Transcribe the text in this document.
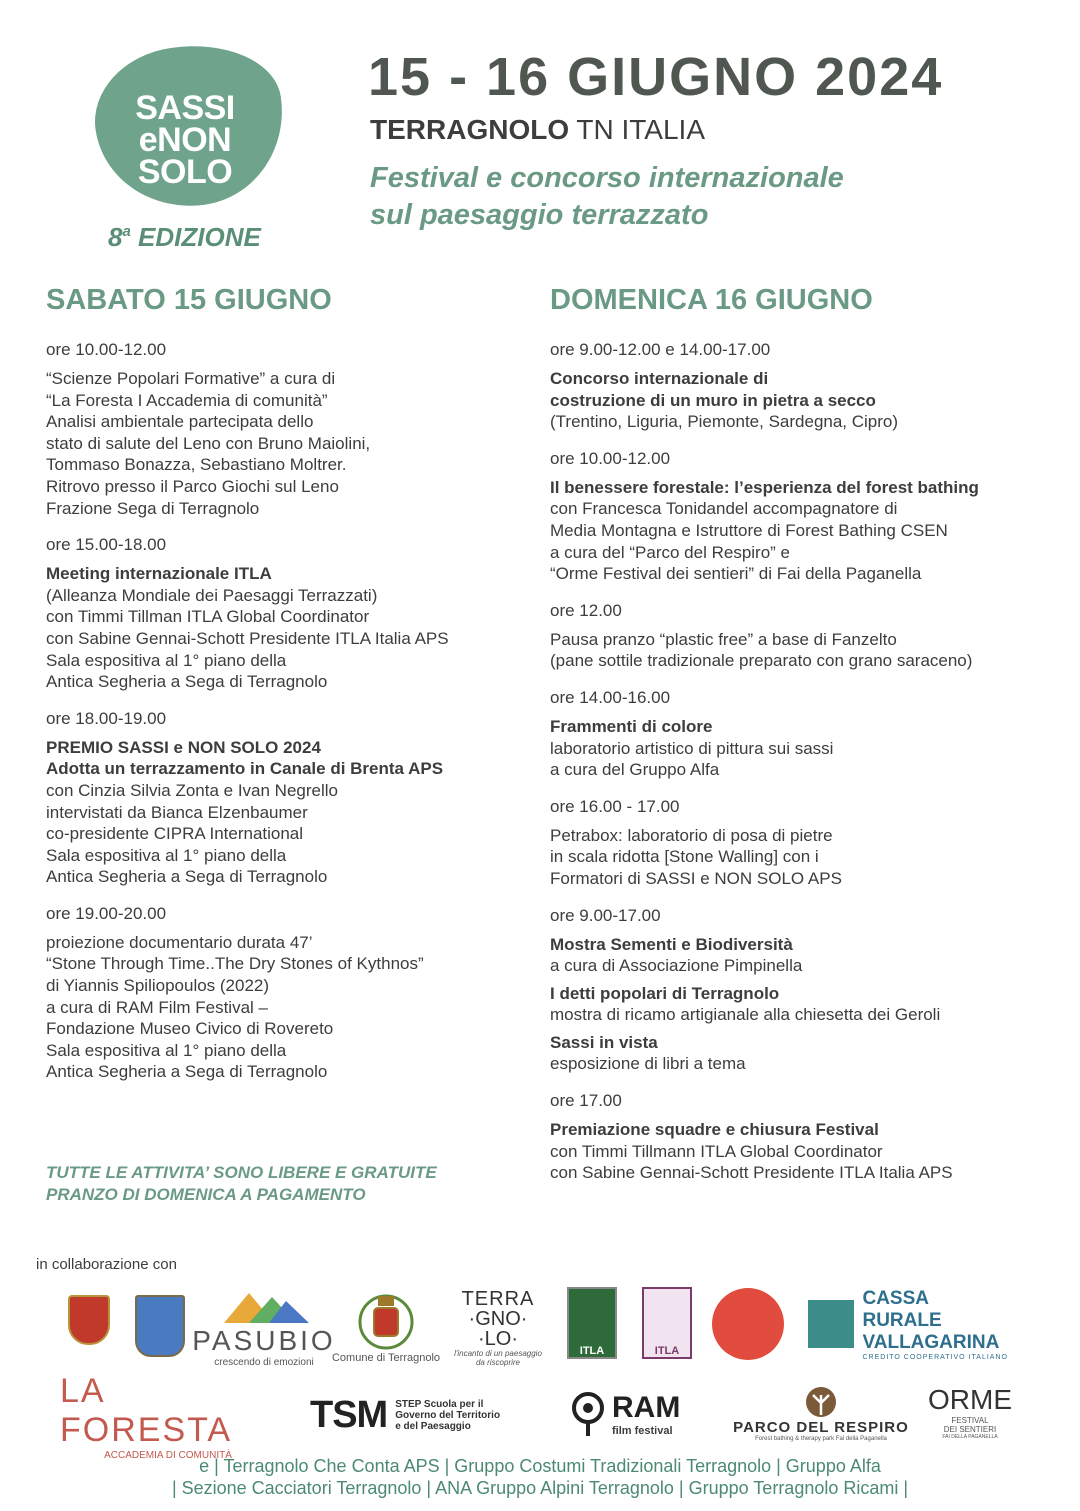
SASSI
eNON
SOLO
8$^a$ EDIZIONE
15 - 16 GIUGNO 2024
TERRAGNOLO TN ITALIA
Festival e concorso internazionale
sul paesaggio terrazzato
SABATO 15 GIUGNO
ore 10.00-12.00
“Scienze Popolari Formative” a cura di
“La Foresta I Accademia di comunità”
Analisi ambientale partecipata dello
stato di salute del Leno con Bruno Maiolini,
Tommaso Bonazza, Sebastiano Moltrer.
Ritrovo presso il Parco Giochi sul Leno
Frazione Sega di Terragnolo
ore 15.00-18.00
Meeting internazionale ITLA
(Alleanza Mondiale dei Paesaggi Terrazzati)
con Timmi Tillman ITLA Global Coordinator
con Sabine Gennai-Schott Presidente ITLA Italia APS
Sala espositiva al 1° piano della
Antica Segheria a Sega di Terragnolo
ore 18.00-19.00
PREMIO SASSI e NON SOLO 2024
Adotta un terrazzamento in Canale di Brenta APS
con Cinzia Silvia Zonta e Ivan Negrello
intervistati da Bianca Elzenbaumer
co-presidente CIPRA International
Sala espositiva al 1° piano della
Antica Segheria a Sega di Terragnolo
ore 19.00-20.00
proiezione documentario durata 47’
“Stone Through Time..The Dry Stones of Kythnos”
di Yiannis Spiliopoulos (2022)
a cura di RAM Film Festival –
Fondazione Museo Civico di Rovereto
Sala espositiva al 1° piano della
Antica Segheria a Sega di Terragnolo
TUTTE LE ATTIVITA’ SONO LIBERE E GRATUITE
PRANZO DI DOMENICA A PAGAMENTO
DOMENICA 16 GIUGNO
ore 9.00-12.00 e 14.00-17.00
Concorso internazionale di
costruzione di un muro in pietra a secco
(Trentino, Liguria, Piemonte, Sardegna, Cipro)
ore 10.00-12.00
Il benessere forestale: l’esperienza del forest bathing
con Francesca Tonidandel accompagnatore di
Media Montagna e Istruttore di Forest Bathing CSEN
a cura del “Parco del Respiro” e
“Orme Festival dei sentieri” di Fai della Paganella
ore 12.00
Pausa pranzo “plastic free” a base di Fanzelto
(pane sottile tradizionale preparato con grano saraceno)
ore 14.00-16.00
Frammenti di colore
laboratorio artistico di pittura sui sassi
a cura del Gruppo Alfa
ore 16.00 - 17.00
Petrabox: laboratorio di posa di pietre
in scala ridotta [Stone Walling] con i
Formatori di SASSI e NON SOLO APS
ore 9.00-17.00
Mostra Sementi e Biodiversità
a cura di Associazione Pimpinella
I detti popolari di Terragnolo
mostra di ricamo artigianale alla chiesetta dei Geroli
Sassi in vista
esposizione di libri a tema
ore 17.00
Premiazione squadre e chiusura Festival
con Timmi Tillmann ITLA Global Coordinator
con Sabine Gennai-Schott Presidente ITLA Italia APS
in collaborazione con
PASUBIO
crescendo di emozioni Comune di Terragnolo
TERRA
·GNO·
·LO·
l'incanto di un paesaggio da riscoprire
ITLA	ITLA
CASSA RURALE
VALLAGARINA
CREDITO COOPERATIVO ITALIANO
LA FORESTA
ACCADEMIA DI COMUNITÀ
TSM STEP Scuola per il
Governo del Territorio
e del Paesaggio
RAM
film festival	PARCO DEL RESPIRO
Forest bathing & therapy park Fai della Paganella
ORME
FESTIVAL
DEI SENTIERI
FAI DELLA PAGANELLA
e | Terragnolo Che Conta APS | Gruppo Costumi Tradizionali Terragnolo | Gruppo Alfa
| Sezione Cacciatori Terragnolo | ANA Gruppo Alpini Terragnolo | Gruppo Terragnolo Ricami |
